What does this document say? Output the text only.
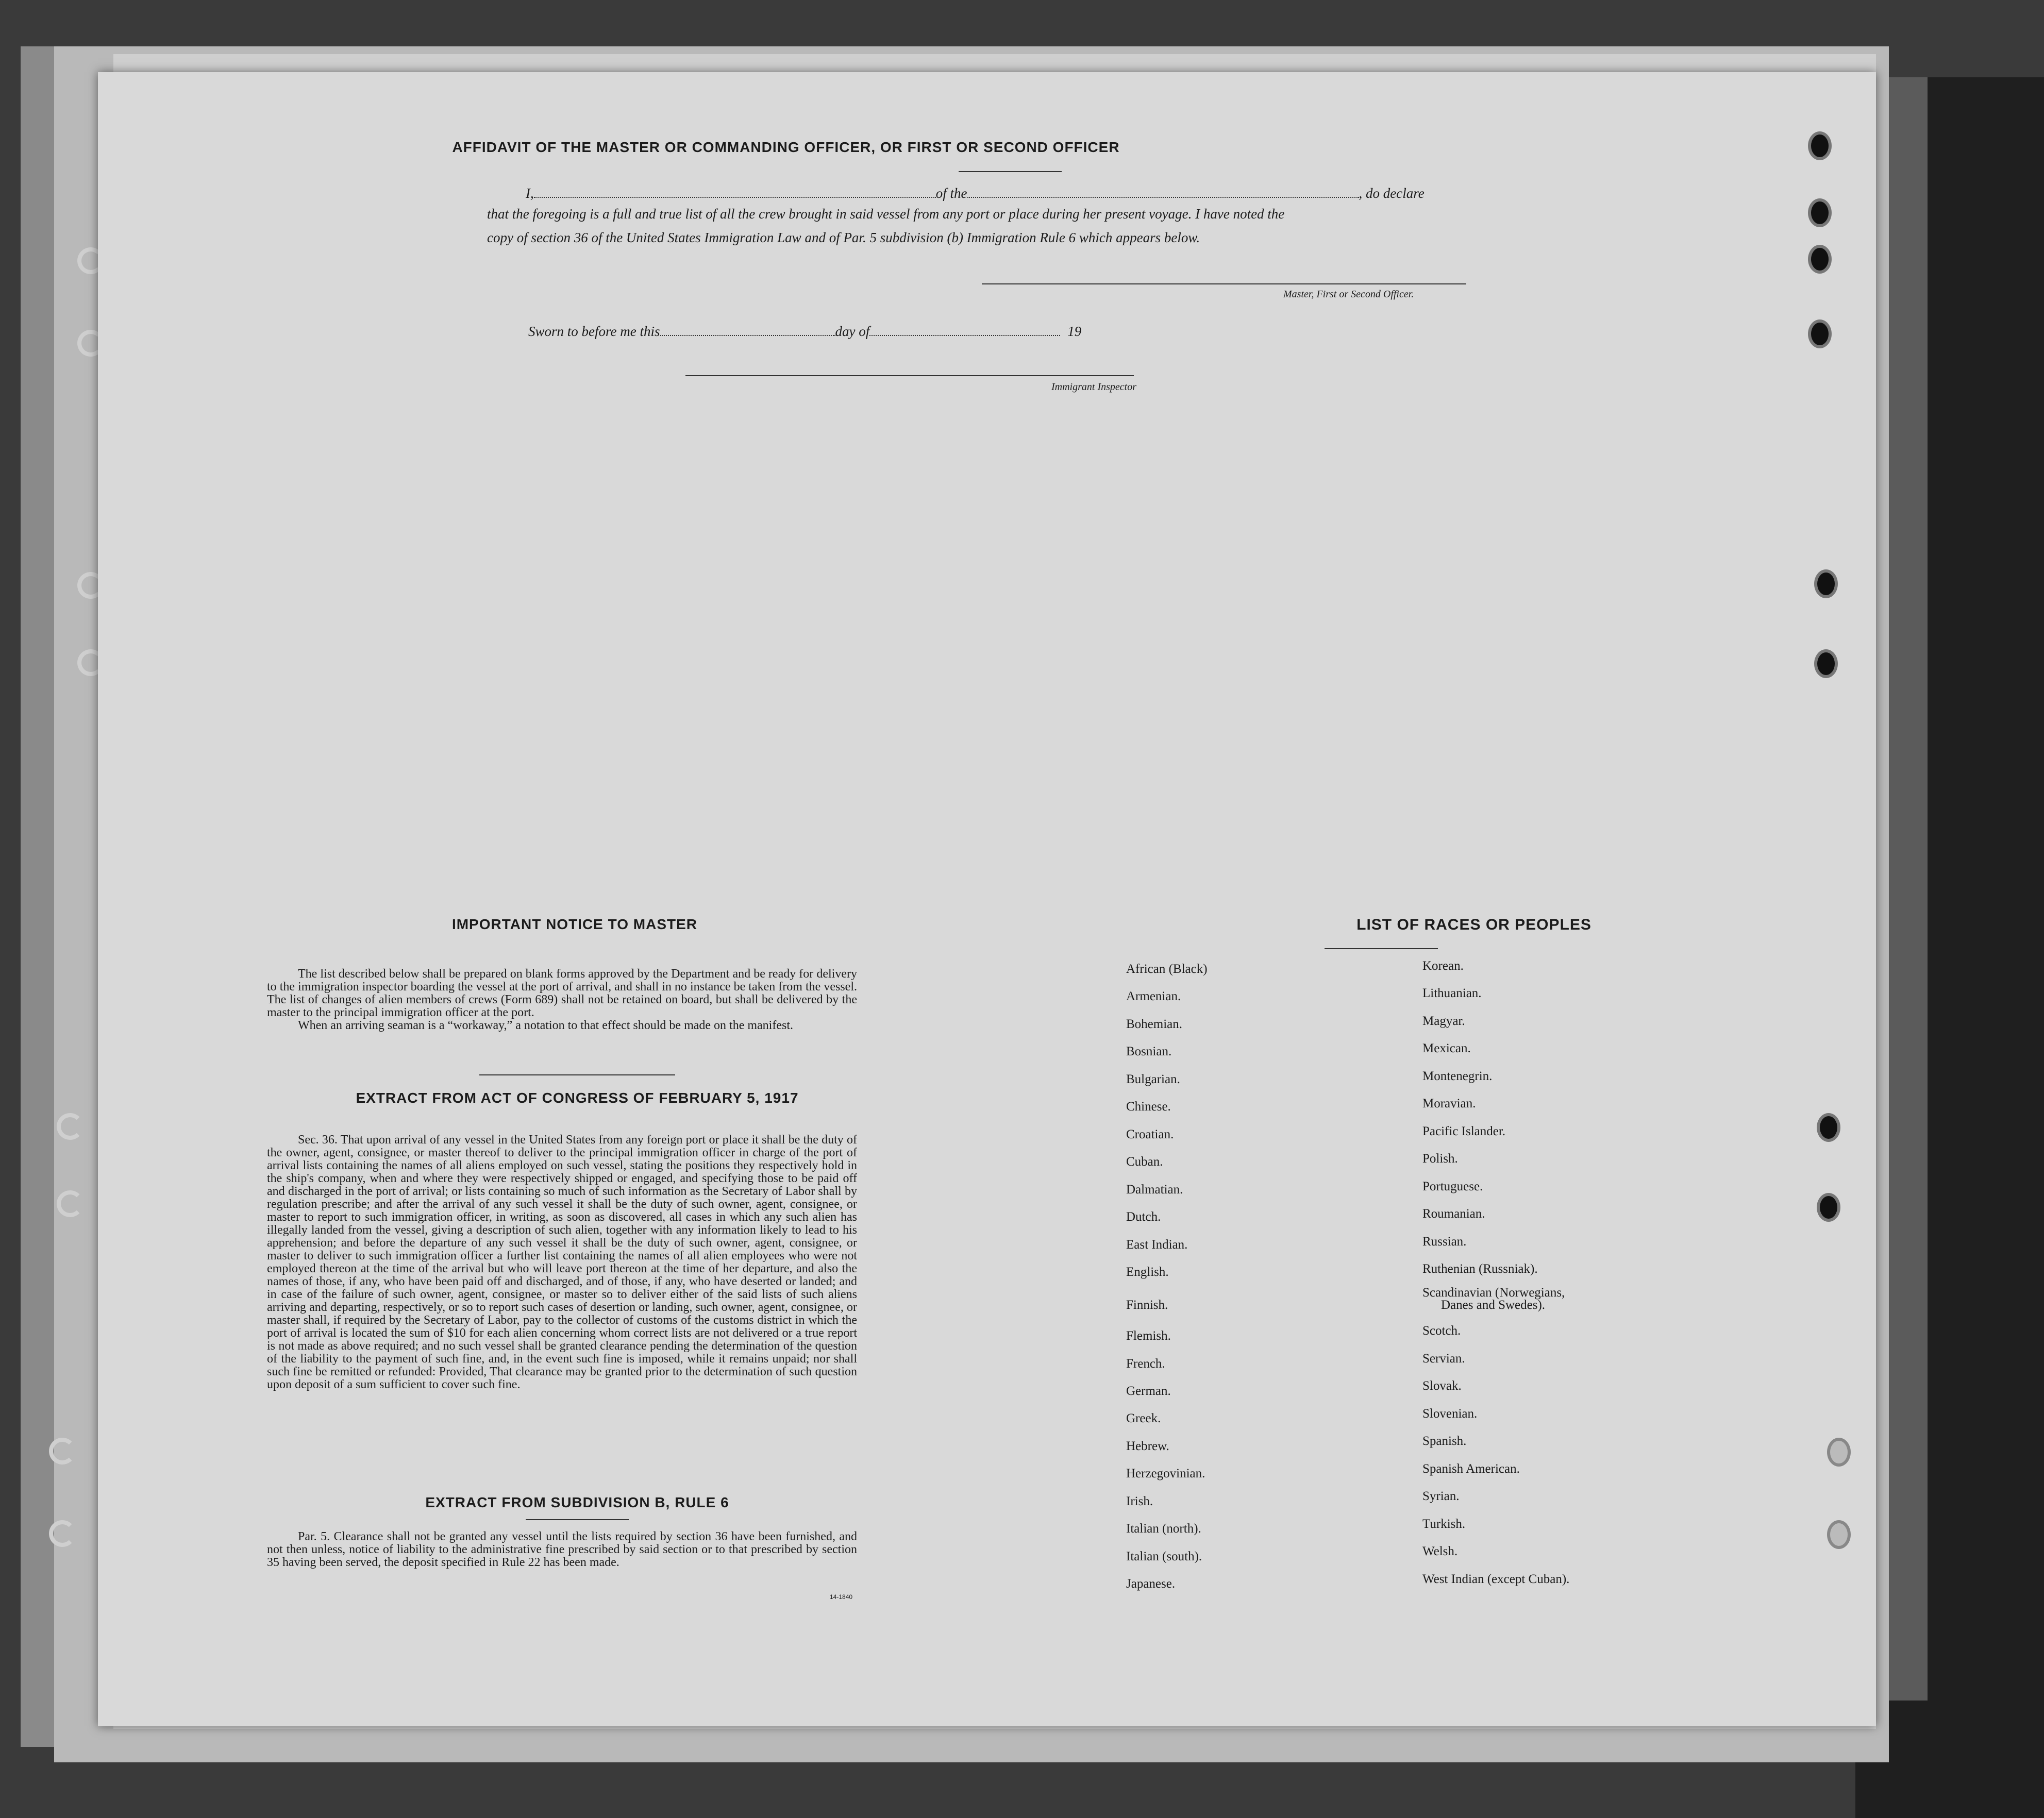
AFFIDAVIT OF THE MASTER OR COMMANDING OFFICER, OR FIRST OR SECOND OFFICER
I,	of the	, do declare
that the foregoing is a full and true list of all the crew brought in said vessel from any port or place during her present voyage. I have noted the
copy of section 36 of the United States Immigration Law and of Par. 5 subdivision (b) Immigration Rule 6 which appears below.
Master, First or Second Officer.
Sworn to before me this	day of	19
Immigrant Inspector
IMPORTANT NOTICE TO MASTER

The list described below shall be prepared on blank forms approved by the Department and be ready for delivery to the immigration inspector boarding the vessel at the port of arrival, and shall in no instance be taken from the vessel. The list of changes of alien members of crews (Form 689) shall not be retained on board, but shall be delivered by the master to the principal immigration officer at the port.

When an arriving seaman is a “workaway,” a notation to that effect should be made on the manifest.

EXTRACT FROM ACT OF CONGRESS OF FEBRUARY 5, 1917

Sec. 36. That upon arrival of any vessel in the United States from any foreign port or place it shall be the duty of the owner, agent, consignee, or master thereof to deliver to the principal immigration officer in charge of the port of arrival lists containing the names of all aliens employed on such vessel, stating the positions they respectively hold in the ship's company, when and where they were respectively shipped or engaged, and specifying those to be paid off and discharged in the port of arrival; or lists containing so much of such information as the Secretary of Labor shall by regulation prescribe; and after the arrival of any such vessel it shall be the duty of such owner, agent, consignee, or master to report to such immigration officer, in writing, as soon as discovered, all cases in which any such alien has illegally landed from the vessel, giving a description of such alien, together with any information likely to lead to his apprehension; and before the departure of any such vessel it shall be the duty of such owner, agent, consignee, or master to deliver to such immigration officer a further list containing the names of all alien employees who were not employed thereon at the time of the arrival but who will leave port thereon at the time of her departure, and also the names of those, if any, who have been paid off and discharged, and of those, if any, who have deserted or landed; and in case of the failure of such owner, agent, consignee, or master so to deliver either of the said lists of such aliens arriving and departing, respectively, or so to report such cases of desertion or landing, such owner, agent, consignee, or master shall, if required by the Secretary of Labor, pay to the collector of customs of the customs district in which the port of arrival is located the sum of $10 for each alien concerning whom correct lists are not delivered or a true report is not made as above required; and no such vessel shall be granted clearance pending the determination of the question of the liability to the payment of such fine, and, in the event such fine is imposed, while it remains unpaid; nor shall such fine be remitted or refunded: Provided, That clearance may be granted prior to the determination of such question upon deposit of a sum sufficient to cover such fine.

EXTRACT FROM SUBDIVISION B, RULE 6

Par. 5. Clearance shall not be granted any vessel until the lists required by section 36 have been furnished, and not then unless, notice of liability to the administrative fine prescribed by said section or to that prescribed by section 35 having been served, the deposit specified in Rule 22 has been made.

14-1840
LIST OF RACES OR PEOPLES
African (Black)
Armenian.
Bohemian.
Bosnian.
Bulgarian.
Chinese.
Croatian.
Cuban.
Dalmatian.
Dutch.
East Indian.
English.
Finnish.
Flemish.
French.
German.
Greek.
Hebrew.
Herzegovinian.
Irish.
Italian (north).
Italian (south).
Japanese.
Korean.
Lithuanian.
Magyar.
Mexican.
Montenegrin.
Moravian.
Pacific Islander.
Polish.
Portuguese.
Roumanian.
Russian.
Ruthenian (Russniak).
Scandinavian (Norwegians,
Danes and Swedes).
Scotch.
Servian.
Slovak.
Slovenian.
Spanish.
Spanish American.
Syrian.
Turkish.
Welsh.
West Indian (except Cuban).
